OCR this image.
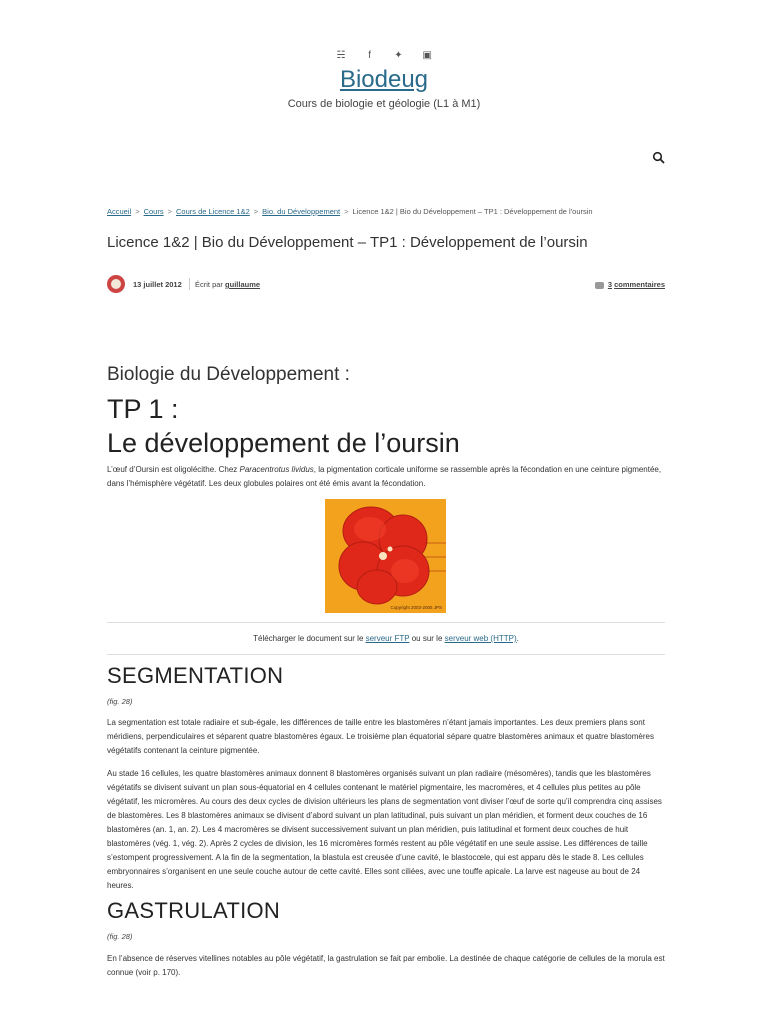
☵ f ✦ ▣
Biodeug
Cours de biologie et géologie (L1 à M1)
Accueil > Cours > Cours de Licence 1&2 > Bio. du Développement > Licence 1&2 | Bio du Développement – TP1 : Développement de l'oursin
Licence 1&2 | Bio du Développement – TP1 : Développement de l’oursin
13 juillet 2012 Écrit par guillaume	3 commentaires
Biologie du Développement :
TP 1 :
Le développement de l’oursin

L’œuf d’Oursin est oligolécithe. Chez Paracentrotus lividus, la pigmentation corticale uniforme se rassemble après la fécondation en une ceinture pigmentée, dans l’hémisphère végétatif. Les deux globules polaires ont été émis avant la fécondation.

Copyright 2003-2005 JPS
Télécharger le document sur le serveur FTP ou sur le serveur web (HTTP).
SEGMENTATION
(fig. 28)

La segmentation est totale radiaire et sub-égale, les différences de taille entre les blastomères n’étant jamais importantes. Les deux premiers plans sont méridiens, perpendiculaires et séparent quatre blastomères égaux. Le troisième plan équatorial sépare quatre blastomères animaux et quatre blastomères végétatifs contenant la ceinture pigmentée.

Au stade 16 cellules, les quatre blastomères animaux donnent 8 blastomères organisés suivant un plan radiaire (mésomères), tandis que les blastomères végétatifs se divisent suivant un plan sous-équatorial en 4 cellules contenant le matériel pigmentaire, les macromères, et 4 cellules plus petites au pôle végétatif, les micromères. Au cours des deux cycles de division ultérieurs les plans de segmentation vont diviser l’œuf de sorte qu’il comprendra cinq assises de blastomères. Les 8 blastomères animaux se divisent d’abord suivant un plan latitudinal, puis suivant un plan méridien, et forment deux couches de 16 blastomères (an. 1, an. 2). Les 4 macromères se divisent successivement suivant un plan méridien, puis latitudinal et forment deux couches de huit blastomères (vég. 1, vég. 2). Après 2 cycles de division, les 16 micromères formés restent au pôle végétatif en une seule assise. Les différences de taille s’estompent progressivement. A la fin de la segmentation, la blastula est creusée d’une cavité, le blastocœle, qui est apparu dès le stade 8. Les cellules embryonnaires s’organisent en une seule couche autour de cette cavité. Elles sont ciliées, avec une touffe apicale. La larve est nageuse au bout de 24 heures.

GASTRULATION
(fig. 28)

En l’absence de réserves vitellines notables au pôle végétatif, la gastrulation se fait par embolie. La destinée de chaque catégorie de cellules de la morula est connue (voir p. 170).
